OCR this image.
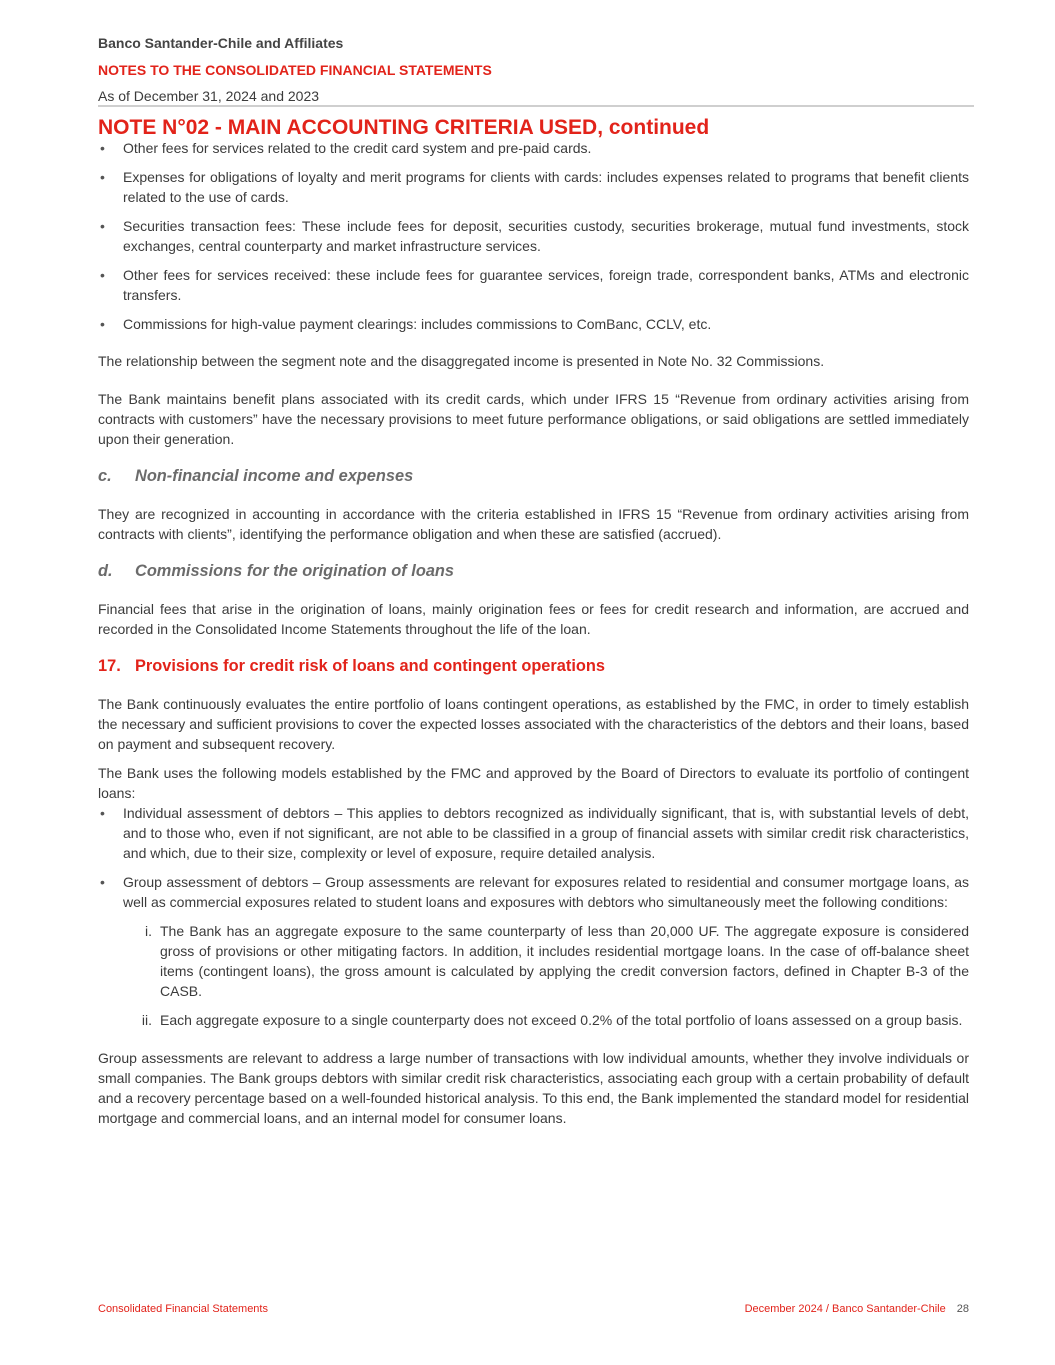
Banco Santander-Chile and Affiliates
NOTES TO THE CONSOLIDATED FINANCIAL STATEMENTS
As of December 31, 2024 and 2023
NOTE N°02 - MAIN ACCOUNTING CRITERIA USED, continued
• Other fees for services related to the credit card system and pre-paid cards.
• Expenses for obligations of loyalty and merit programs for clients with cards: includes expenses related to programs that benefit clients related to the use of cards.
• Securities transaction fees: These include fees for deposit, securities custody, securities brokerage, mutual fund investments, stock exchanges, central counterparty and market infrastructure services.
• Other fees for services received: these include fees for guarantee services, foreign trade, correspondent banks, ATMs and electronic transfers.
• Commissions for high-value payment clearings: includes commissions to ComBanc, CCLV, etc.

The relationship between the segment note and the disaggregated income is presented in Note No. 32 Commissions.

The Bank maintains benefit plans associated with its credit cards, which under IFRS 15 “Revenue from ordinary activities arising from contracts with customers” have the necessary provisions to meet future performance obligations, or said obligations are settled immediately upon their generation.

c. Non-financial income and expenses

They are recognized in accounting in accordance with the criteria established in IFRS 15 “Revenue from ordinary activities arising from contracts with clients”, identifying the performance obligation and when these are satisfied (accrued).

d. Commissions for the origination of loans

Financial fees that arise in the origination of loans, mainly origination fees or fees for credit research and information, are accrued and recorded in the Consolidated Income Statements throughout the life of the loan.

17. Provisions for credit risk of loans and contingent operations

The Bank continuously evaluates the entire portfolio of loans contingent operations, as established by the FMC, in order to timely establish the necessary and sufficient provisions to cover the expected losses associated with the characteristics of the debtors and their loans, based on payment and subsequent recovery.

The Bank uses the following models established by the FMC and approved by the Board of Directors to evaluate its portfolio of contingent loans:

• Individual assessment of debtors – This applies to debtors recognized as individually significant, that is, with substantial levels of debt, and to those who, even if not significant, are not able to be classified in a group of financial assets with similar credit risk characteristics, and which, due to their size, complexity or level of exposure, require detailed analysis.
• Group assessment of debtors – Group assessments are relevant for exposures related to residential and consumer mortgage loans, as well as commercial exposures related to student loans and exposures with debtors who simultaneously meet the following conditions:
i. The Bank has an aggregate exposure to the same counterparty of less than 20,000 UF. The aggregate exposure is considered gross of provisions or other mitigating factors. In addition, it includes residential mortgage loans. In the case of off-balance sheet items (contingent loans), the gross amount is calculated by applying the credit conversion factors, defined in Chapter B-3 of the CASB.
ii. Each aggregate exposure to a single counterparty does not exceed 0.2% of the total portfolio of loans assessed on a group basis.

Group assessments are relevant to address a large number of transactions with low individual amounts, whether they involve individuals or small companies. The Bank groups debtors with similar credit risk characteristics, associating each group with a certain probability of default and a recovery percentage based on a well-founded historical analysis. To this end, the Bank implemented the standard model for residential mortgage and commercial loans, and an internal model for consumer loans.

Consolidated Financial Statements	December 2024 / Banco Santander-Chile 28
